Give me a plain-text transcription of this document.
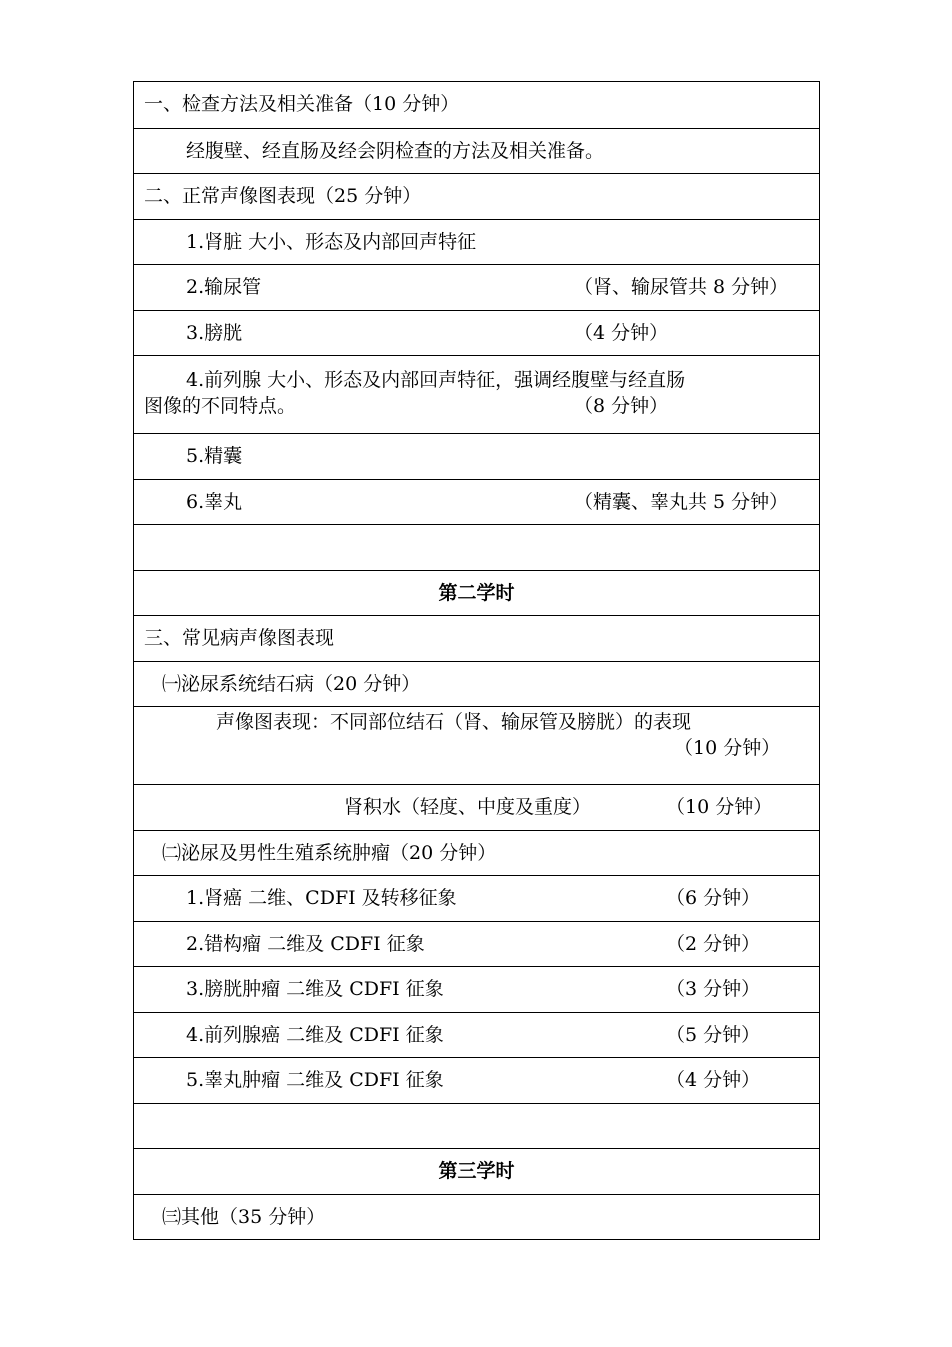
一、检查方法及相关准备（10 分钟）
经腹壁、经直肠及经会阴检查的方法及相关准备。
二、正常声像图表现（25 分钟）
1.肾脏 大小、形态及内部回声特征
2.输尿管	（肾、输尿管共 8 分钟）
3.膀胱	（4 分钟）
4.前列腺 大小、形态及内部回声特征，强调经腹壁与经直肠
图像的不同特点。	（8 分钟）
5.精囊
6.睾丸	（精囊、睾丸共 5 分钟）
第二学时
三、常见病声像图表现
㈠泌尿系统结石病（20 分钟）
声像图表现：不同部位结石（肾、输尿管及膀胱）的表现
（10 分钟）
肾积水（轻度、中度及重度）	（10 分钟）
㈡泌尿及男性生殖系统肿瘤（20 分钟）
1.肾癌 二维、CDFI 及转移征象	（6 分钟）
2.错构瘤 二维及 CDFI 征象	（2 分钟）
3.膀胱肿瘤 二维及 CDFI 征象	（3 分钟）
4.前列腺癌 二维及 CDFI 征象	（5 分钟）
5.睾丸肿瘤 二维及 CDFI 征象	（4 分钟）
第三学时
㈢其他（35 分钟）
